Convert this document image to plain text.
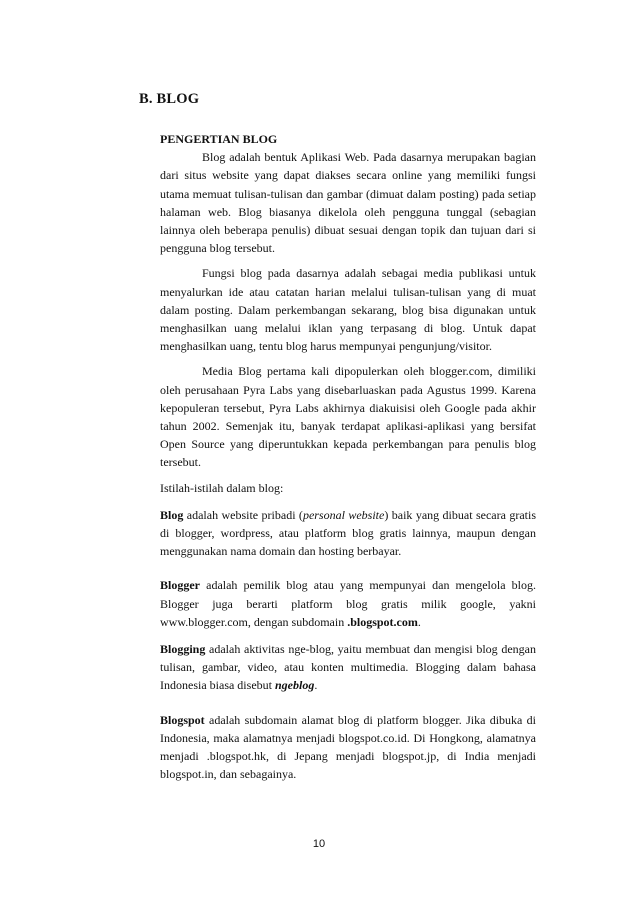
B. BLOG

PENGERTIAN BLOG

Blog adalah bentuk Aplikasi Web. Pada dasarnya merupakan bagian dari situs website yang dapat diakses secara online yang memiliki fungsi utama memuat tulisan-tulisan dan gambar (dimuat dalam posting) pada setiap halaman web. Blog biasanya dikelola oleh pengguna tunggal (sebagian lainnya oleh beberapa penulis) dibuat sesuai dengan topik dan tujuan dari si pengguna blog tersebut.

Fungsi blog pada dasarnya adalah sebagai media publikasi untuk menyalurkan ide atau catatan harian melalui tulisan-tulisan yang di muat dalam posting. Dalam perkembangan sekarang, blog bisa digunakan untuk menghasilkan uang melalui iklan yang terpasang di blog. Untuk dapat menghasilkan uang, tentu blog harus mempunyai pengunjung/visitor.

Media Blog pertama kali dipopulerkan oleh blogger.com, dimiliki oleh perusahaan Pyra Labs yang disebarluaskan pada Agustus 1999. Karena kepopuleran tersebut, Pyra Labs akhirnya diakuisisi oleh Google pada akhir tahun 2002. Semenjak itu, banyak terdapat aplikasi-aplikasi yang bersifat Open Source yang diperuntukkan kepada perkembangan para penulis blog tersebut.

Istilah-istilah dalam blog:

Blog adalah website pribadi (personal website) baik yang dibuat secara gratis di blogger, wordpress, atau platform blog gratis lainnya, maupun dengan menggunakan nama domain dan hosting berbayar.

Blogger adalah pemilik blog atau yang mempunyai dan mengelola blog. Blogger juga berarti platform blog gratis milik google, yakni www.blogger.com, dengan subdomain .blogspot.com.

Blogging adalah aktivitas nge-blog, yaitu membuat dan mengisi blog dengan tulisan, gambar, video, atau konten multimedia. Blogging dalam bahasa Indonesia biasa disebut ngeblog.

Blogspot adalah subdomain alamat blog di platform blogger. Jika dibuka di Indonesia, maka alamatnya menjadi blogspot.co.id. Di Hongkong, alamatnya menjadi .blogspot.hk, di Jepang menjadi blogspot.jp, di India menjadi blogspot.in, dan sebagainya.

10
